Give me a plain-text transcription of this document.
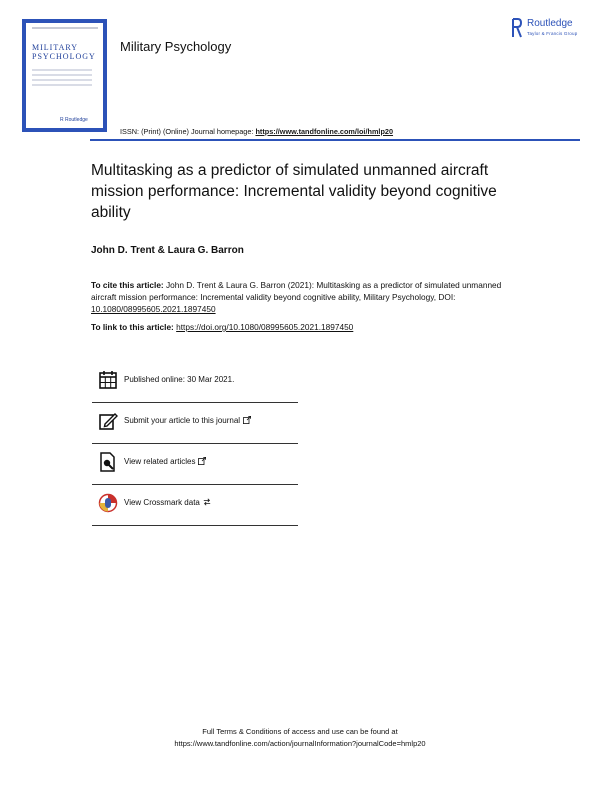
MILITARY
PSYCHOLOGY
R Routledge
Military Psychology
Routledge
Taylor & Francis Group
ISSN: (Print) (Online) Journal homepage: https://www.tandfonline.com/loi/hmlp20
Multitasking as a predictor of simulated unmanned aircraft mission performance: Incremental validity beyond cognitive ability
John D. Trent & Laura G. Barron
To cite this article: John D. Trent & Laura G. Barron (2021): Multitasking as a predictor of simulated unmanned aircraft mission performance: Incremental validity beyond cognitive ability, Military Psychology, DOI: 10.1080/08995605.2021.1897450
To link to this article: https://doi.org/10.1080/08995605.2021.1897450
Published online: 30 Mar 2021.
Submit your article to this journal
View related articles
View Crossmark data
Full Terms & Conditions of access and use can be found at
https://www.tandfonline.com/action/journalInformation?journalCode=hmlp20
